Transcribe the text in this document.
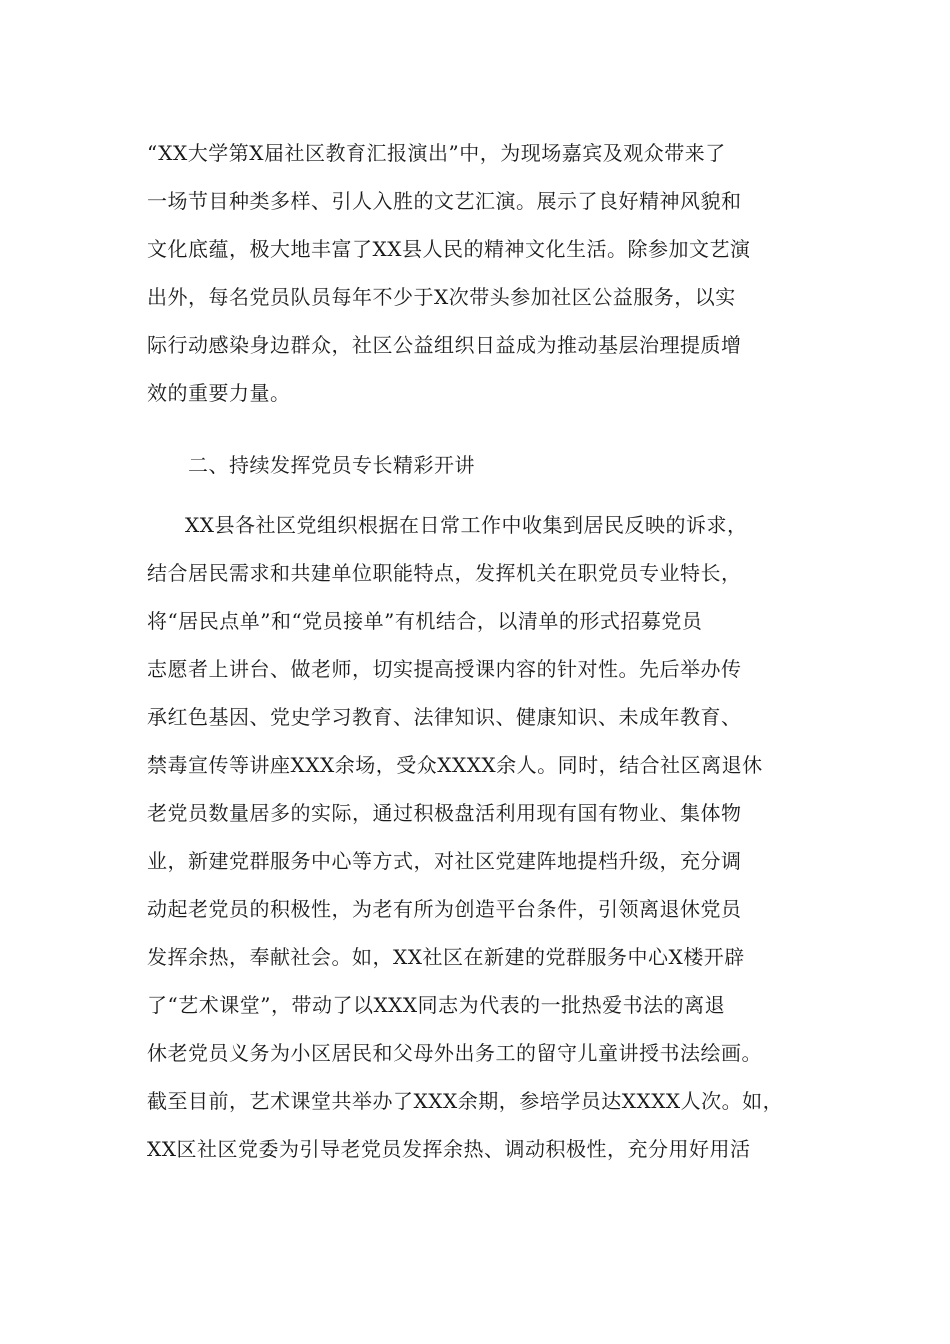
“XX大学第X届社区教育汇报演出”中，为现场嘉宾及观众带来了
一场节目种类多样、引人入胜的文艺汇演。展示了良好精神风貌和
文化底蕴，极大地丰富了XX县人民的精神文化生活。除参加文艺演
出外，每名党员队员每年不少于X次带头参加社区公益服务，以实
际行动感染身边群众，社区公益组织日益成为推动基层治理提质增
效的重要力量。
二、持续发挥党员专长精彩开讲
XX县各社区党组织根据在日常工作中收集到居民反映的诉求，
结合居民需求和共建单位职能特点，发挥机关在职党员专业特长，
将“居民点单”和“党员接单”有机结合，以清单的形式招募党员
志愿者上讲台、做老师，切实提高授课内容的针对性。先后举办传
承红色基因、党史学习教育、法律知识、健康知识、未成年教育、
禁毒宣传等讲座XXX余场，受众XXXX余人。同时，结合社区离退休
老党员数量居多的实际，通过积极盘活利用现有国有物业、集体物
业，新建党群服务中心等方式，对社区党建阵地提档升级，充分调
动起老党员的积极性，为老有所为创造平台条件，引领离退休党员
发挥余热，奉献社会。如，XX社区在新建的党群服务中心X楼开辟
了“艺术课堂”，带动了以XXX同志为代表的一批热爱书法的离退
休老党员义务为小区居民和父母外出务工的留守儿童讲授书法绘画。
截至目前，艺术课堂共举办了XXX余期，参培学员达XXXX人次。如，
XX区社区党委为引导老党员发挥余热、调动积极性，充分用好用活
